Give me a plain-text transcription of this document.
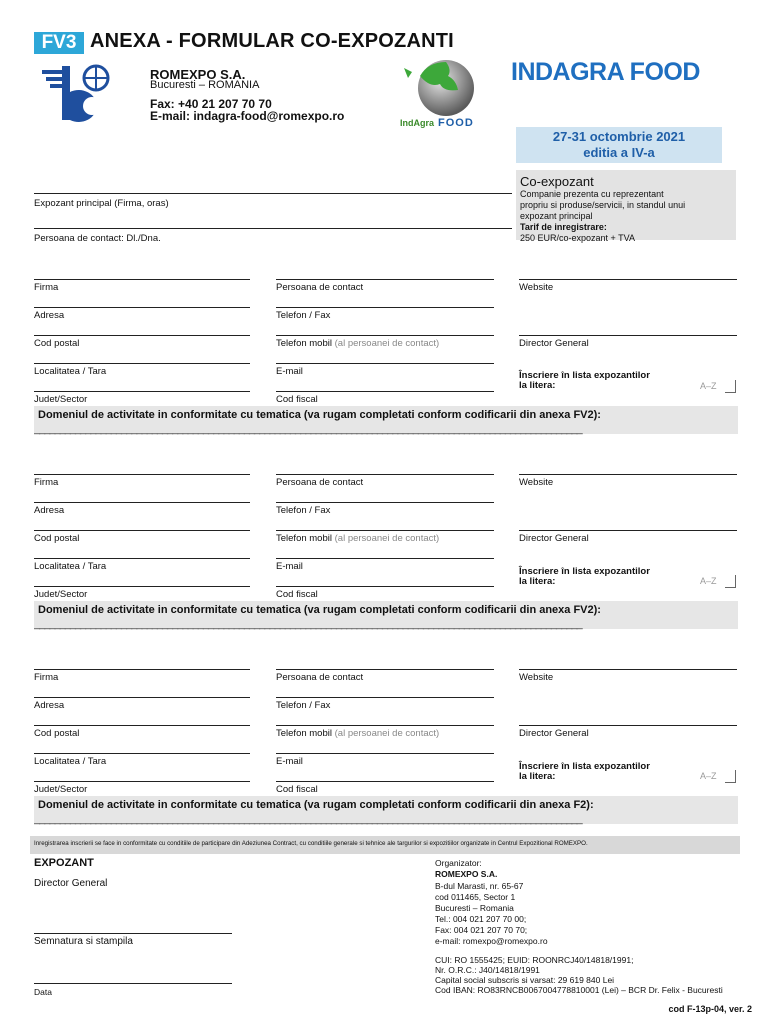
FV3 ANEXA - FORMULAR CO-EXPOZANTI
ROMEXPO S.A.
Bucuresti – ROMANIA
Fax: +40 21 207 70 70
E-mail: indagra-food@romexpo.ro	IndAgra FOOD
INDAGRA FOOD
27-31 octombrie 2021
editia a IV-a
Co-expozant
Companie prezenta cu reprezentant
propriu si produse/servicii, in standul unui
expozant principal
Tarif de inregistrare:
250 EUR/co-expozant + TVA
Expozant principal (Firma, oras)
Persoana de contact: Dl./Dna.
Firma	Persoana de contact	Website
Adresa	Telefon / Fax
Cod postal	Telefon mobil (al persoanei de contact)	Director General
Localitatea / Tara	E-mail	Înscriere în lista expozantilor
la litera:	A–Z
Judet/Sector	Cod fiscal
Domeniul de activitate in conformitate cu tematica (va rugam completati conform codificarii din anexa FV2):
___________________________________________________________________________________________________________
Firma	Persoana de contact	Website
Adresa	Telefon / Fax
Cod postal	Telefon mobil (al persoanei de contact)	Director General
Localitatea / Tara	E-mail	Înscriere în lista expozantilor
la litera:	A–Z
Judet/Sector	Cod fiscal
Domeniul de activitate in conformitate cu tematica (va rugam completati conform codificarii din anexa FV2):
___________________________________________________________________________________________________________
Firma	Persoana de contact	Website
Adresa	Telefon / Fax
Cod postal	Telefon mobil (al persoanei de contact)	Director General
Localitatea / Tara	E-mail	Înscriere în lista expozantilor
la litera:	A–Z
Judet/Sector	Cod fiscal
Domeniul de activitate in conformitate cu tematica (va rugam completati conform codificarii din anexa F2):
___________________________________________________________________________________________________________
Inregistrarea inscrierii se face in conformitate cu conditiile de participare din Adeziunea Contract, cu conditiile generale si tehnice ale targurilor si expozitiilor organizate in Centrul Expozitional ROMEXPO.
EXPOZANT
Director General
Semnatura si stampila
Data
Organizator:
ROMEXPO S.A.
B-dul Marasti, nr. 65-67
cod 011465, Sector 1
Bucuresti – Romania
Tel.: 004 021 207 70 00;
Fax: 004 021 207 70 70;
e-mail: romexpo@romexpo.ro
CUI: RO 1555425; EUID: ROONRCJ40/14818/1991;
Nr. O.R.C.: J40/14818/1991
Capital social subscris si varsat: 29 619 840 Lei
Cod IBAN: RO83RNCB0067004778810001 (Lei) – BCR Dr. Felix - Bucuresti
cod F-13p-04, ver. 2
